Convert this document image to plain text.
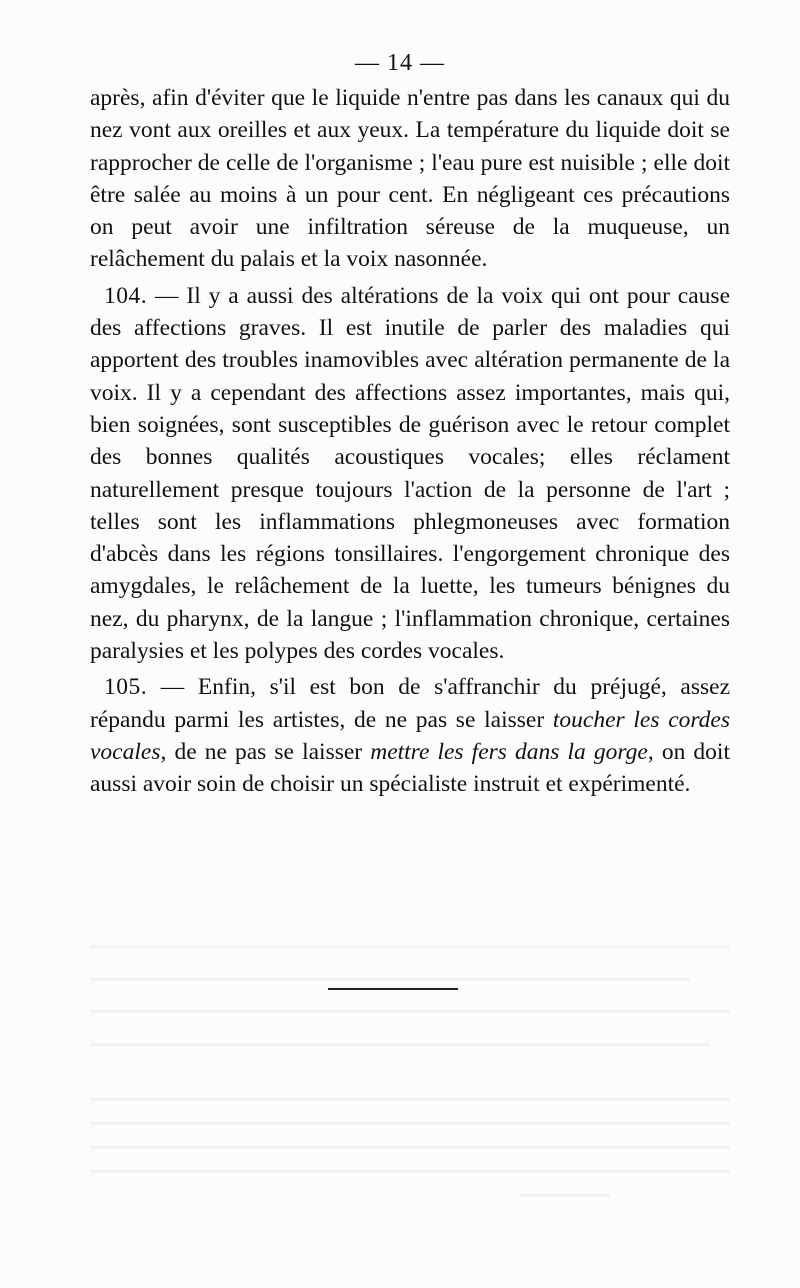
— 14 —

après, afin d'éviter que le liquide n'entre pas dans les canaux qui du nez vont aux oreilles et aux yeux. La température du liquide doit se rapprocher de celle de l'organisme ; l'eau pure est nuisible ; elle doit être salée au moins à un pour cent. En négligeant ces précautions on peut avoir une infiltration séreuse de la muqueuse, un relâchement du palais et la voix nasonnée.

104. — Il y a aussi des altérations de la voix qui ont pour cause des affections graves. Il est inutile de parler des maladies qui apportent des troubles inamovibles avec altération permanente de la voix. Il y a cependant des affections assez importantes, mais qui, bien soignées, sont susceptibles de guérison avec le retour complet des bonnes qualités acoustiques vocales; elles réclament naturellement presque toujours l'action de la personne de l'art ; telles sont les inflammations phlegmoneuses avec formation d'abcès dans les régions tonsillaires. l'engorgement chronique des amygdales, le relâchement de la luette, les tumeurs bénignes du nez, du pharynx, de la langue ; l'inflammation chronique, certaines paralysies et les polypes des cordes vocales.

105. — Enfin, s'il est bon de s'affranchir du préjugé, assez répandu parmi les artistes, de ne pas se laisser toucher les cordes vocales, de ne pas se laisser mettre les fers dans la gorge, on doit aussi avoir soin de choisir un spécialiste instruit et expérimenté.
